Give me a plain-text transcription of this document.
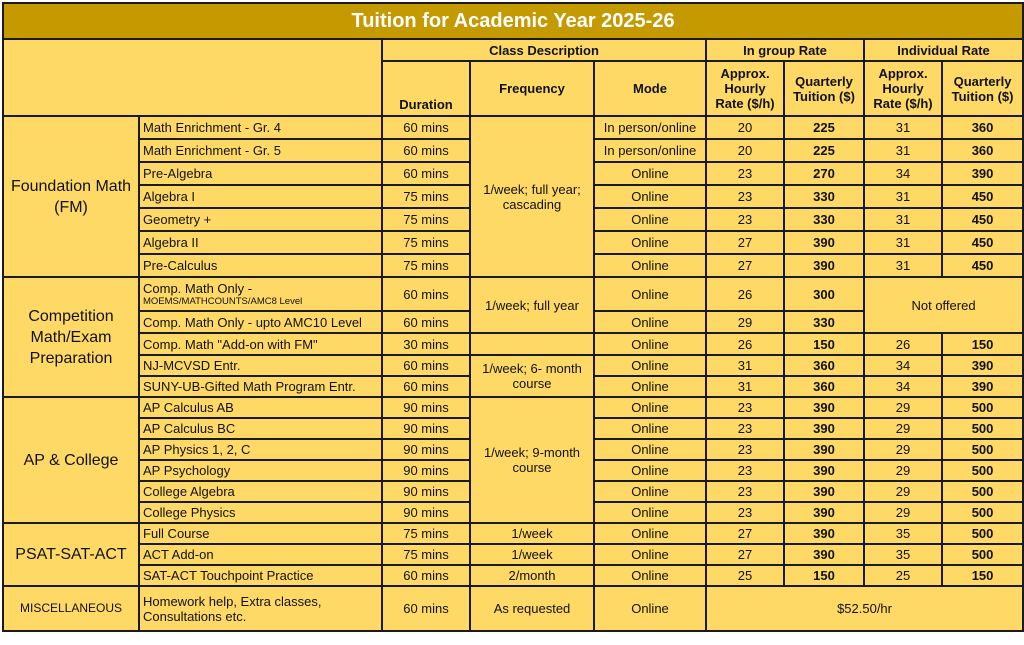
Tuition for Academic Year 2025-26								
		Class Description			In group Rate		Individual Rate	
		Duration	Frequency	Mode	Approx. Hourly Rate ($/h)	Quarterly Tuition ($)	Approx. Hourly Rate ($/h)	Quarterly Tuition ($)
Foundation Math (FM)	Math Enrichment - Gr. 4	60 mins	1/week; full year; cascading	In person/online	20	225	31	360
	Math Enrichment - Gr. 5	60 mins		In person/online	20	225	31	360
	Pre-Algebra	60 mins		Online	23	270	34	390
	Algebra I	75 mins		Online	23	330	31	450
	Geometry +	75 mins		Online	23	330	31	450
	Algebra II	75 mins		Online	27	390	31	450
	Pre-Calculus	75 mins		Online	27	390	31	450
Competition Math/Exam Preparation	Comp. Math Only -
MOEMS/MATHCOUNTS/AMC8 Level	60 mins	1/week; full year	Online	26	300	Not offered	
	Comp. Math Only - upto AMC10 Level	60 mins		Online	29	330		
	Comp. Math "Add-on with FM"	30 mins		Online	26	150	26	150
	NJ-MCVSD Entr.	60 mins	1/week; 6- month course	Online	31	360	34	390
	SUNY-UB-Gifted Math Program Entr.	60 mins		Online	31	360	34	390
AP & College	AP Calculus AB	90 mins	1/week; 9-month course	Online	23	390	29	500
	AP Calculus BC	90 mins		Online	23	390	29	500
	AP Physics 1, 2, C	90 mins		Online	23	390	29	500
	AP Psychology	90 mins		Online	23	390	29	500
	College Algebra	90 mins		Online	23	390	29	500
	College Physics	90 mins		Online	23	390	29	500
PSAT-SAT-ACT	Full Course	75 mins	1/week	Online	27	390	35	500
	ACT Add-on	75 mins	1/week	Online	27	390	35	500
	SAT-ACT Touchpoint Practice	60 mins	2/month	Online	25	150	25	150
MISCELLANEOUS	Homework help, Extra classes, Consultations etc.	60 mins	As requested	Online	$52.50/hr			
